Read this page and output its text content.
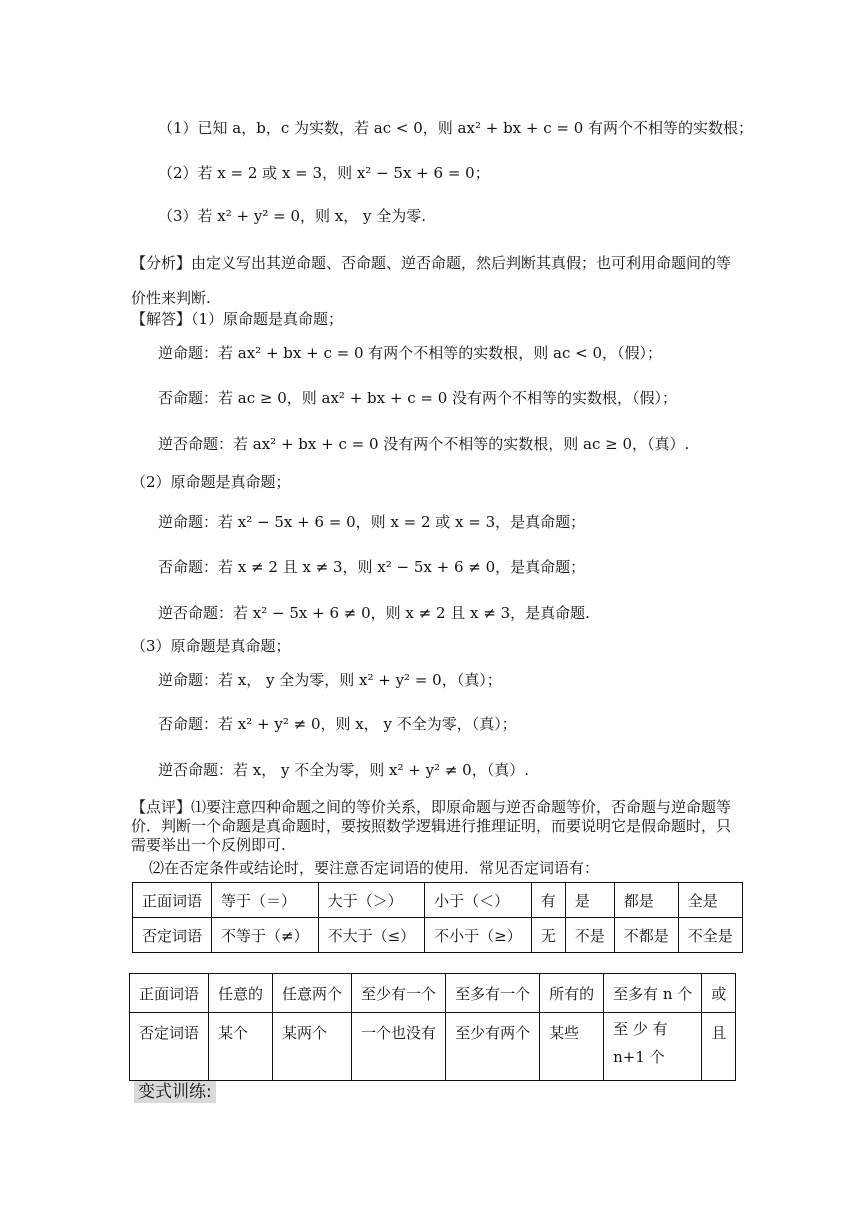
（1）已知 a，b，c 为实数，若 ac < 0，则 ax² + bx + c = 0 有两个不相等的实数根；
（2）若 x = 2 或 x = 3，则 x² − 5x + 6 = 0；
（3）若 x² + y² = 0，则 x， y 全为零.
【分析】由定义写出其逆命题、否命题、逆否命题，然后判断其真假；也可利用命题间的等价性来判断.
【解答】（1）原命题是真命题；
逆命题：若 ax² + bx + c = 0 有两个不相等的实数根，则 ac < 0，（假）；
否命题：若 ac ≥ 0，则 ax² + bx + c = 0 没有两个不相等的实数根，（假）；
逆否命题：若 ax² + bx + c = 0 没有两个不相等的实数根，则 ac ≥ 0，（真）.
（2）原命题是真命题；
逆命题：若 x² − 5x + 6 = 0，则 x = 2 或 x = 3，是真命题；
否命题：若 x ≠ 2 且 x ≠ 3，则 x² − 5x + 6 ≠ 0，是真命题；
逆否命题：若 x² − 5x + 6 ≠ 0，则 x ≠ 2 且 x ≠ 3，是真命题.
（3）原命题是真命题；
逆命题：若 x， y 全为零，则 x² + y² = 0，（真）；
否命题：若 x² + y² ≠ 0，则 x， y 不全为零，（真）；
逆否命题：若 x， y 不全为零，则 x² + y² ≠ 0，（真）.
【点评】⑴要注意四种命题之间的等价关系，即原命题与逆否命题等价，否命题与逆命题等价．判断一个命题是真命题时，要按照数学逻辑进行推理证明，而要说明它是假命题时，只需要举出一个反例即可.
⑵在否定条件或结论时，要注意否定词语的使用．常见否定词语有：
正面词语	等于（＝）	大于（＞）	小于（＜）	有	是	都是	全是
否定词语	不等于（≠）	不大于（≤）	不小于（≥）	无	不是	不都是	不全是
正面词语	任意的	任意两个	至少有一个	至多有一个	所有的	至多有 n 个	或
否定词语	某个	某两个	一个也没有	至少有两个	某些	至 少 有 n+1 个	且
变式训练:
